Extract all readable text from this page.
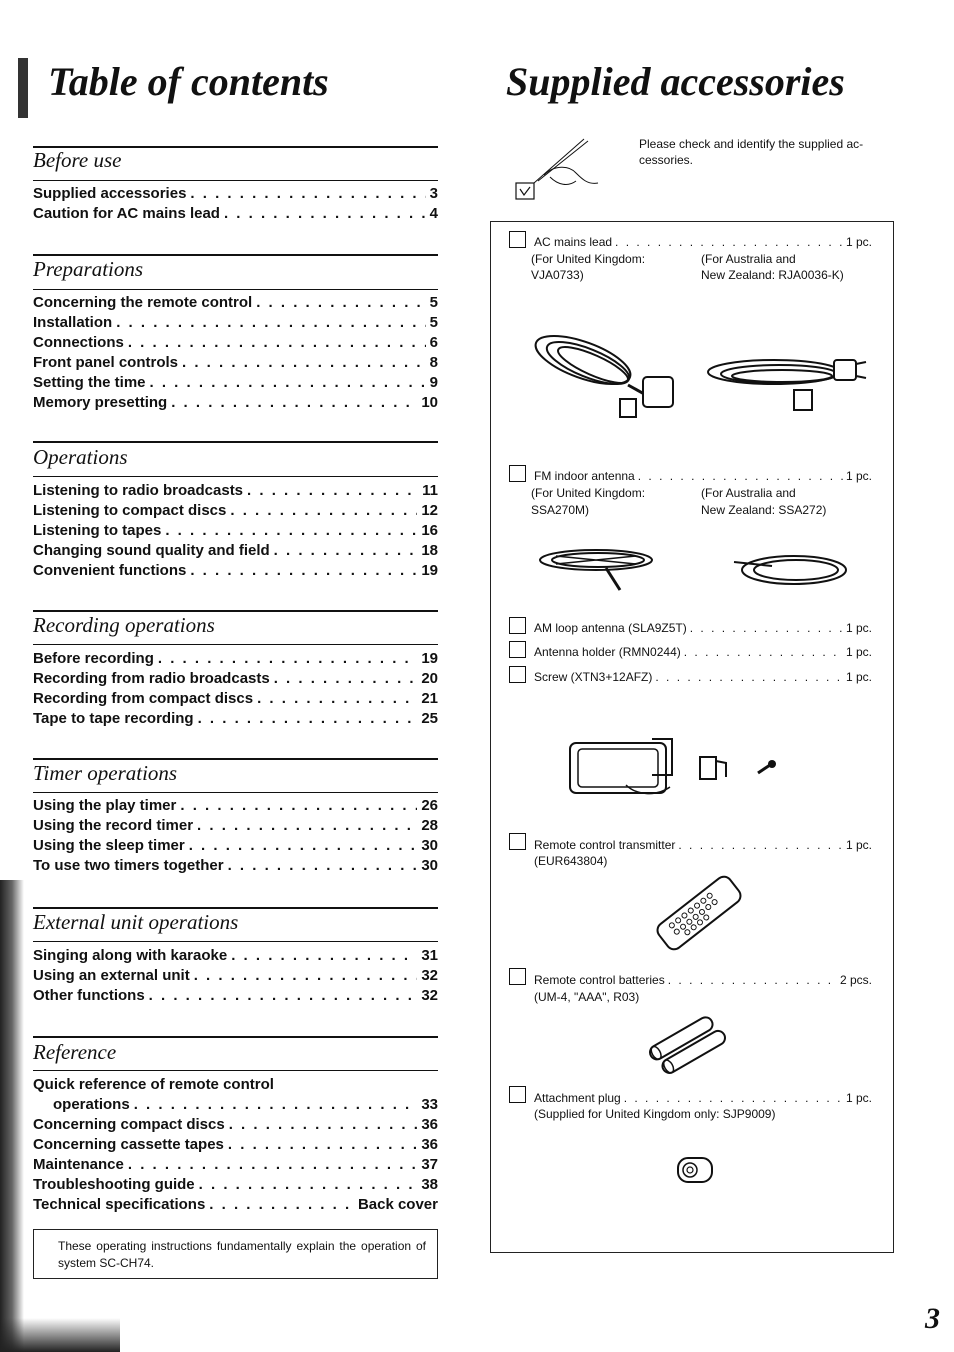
Table of contents	Supplied accessories
Before use
Supplied accessories . . .	3
Caution for AC mains lead . . .	4
Preparations
Concerning the remote control . . .	5
Installation . . .	5
Connections . . .	6
Front panel controls . . .	8
Setting the time . . .	9
Memory presetting . . .	10
Operations
Listening to radio broadcasts . . .	11
Listening to compact discs . . .	12
Listening to tapes . . .	16
Changing sound quality and field . . .	18
Convenient functions . . .	19
Recording operations
Before recording . . .	19
Recording from radio broadcasts . . .	20
Recording from compact discs . . .	21
Tape to tape recording . . .	25
Timer operations
Using the play timer . . .	26
Using the record timer . . .	28
Using the sleep timer . . .	30
To use two timers together . . .	30
External unit operations
Singing along with karaoke . . .	31
Using an external unit . . .	32
Other functions . . .	32
Reference
Quick reference of remote control
operations . . .	33
Concerning compact discs . . .	36
Concerning cassette tapes . . .	36
Maintenance . . .	37
Troubleshooting guide . . .	38
Technical specifications . . .	Back cover
These operating instructions fundamentally explain the operation of system SC-CH74.
Please check and identify the supplied ac- cessories.
AC mains lead . . .	1 pc.
(For United Kingdom:
VJA0733)
(For Australia and
New Zealand: RJA0036-K)
FM indoor antenna . . .	1 pc.
(For United Kingdom:
SSA270M)
(For Australia and
New Zealand: SSA272)
AM loop antenna (SLA9Z5T) . . .	1 pc.
Antenna holder (RMN0244) . . .	1 pc.
Screw (XTN3+12AFZ) . . .	1 pc.
Remote control transmitter . . .	1 pc.
(EUR643804)
Remote control batteries . . .	2 pcs.
(UM-4, "AAA", R03)
Attachment plug . . .	1 pc.
(Supplied for United Kingdom only: SJP9009)
3
